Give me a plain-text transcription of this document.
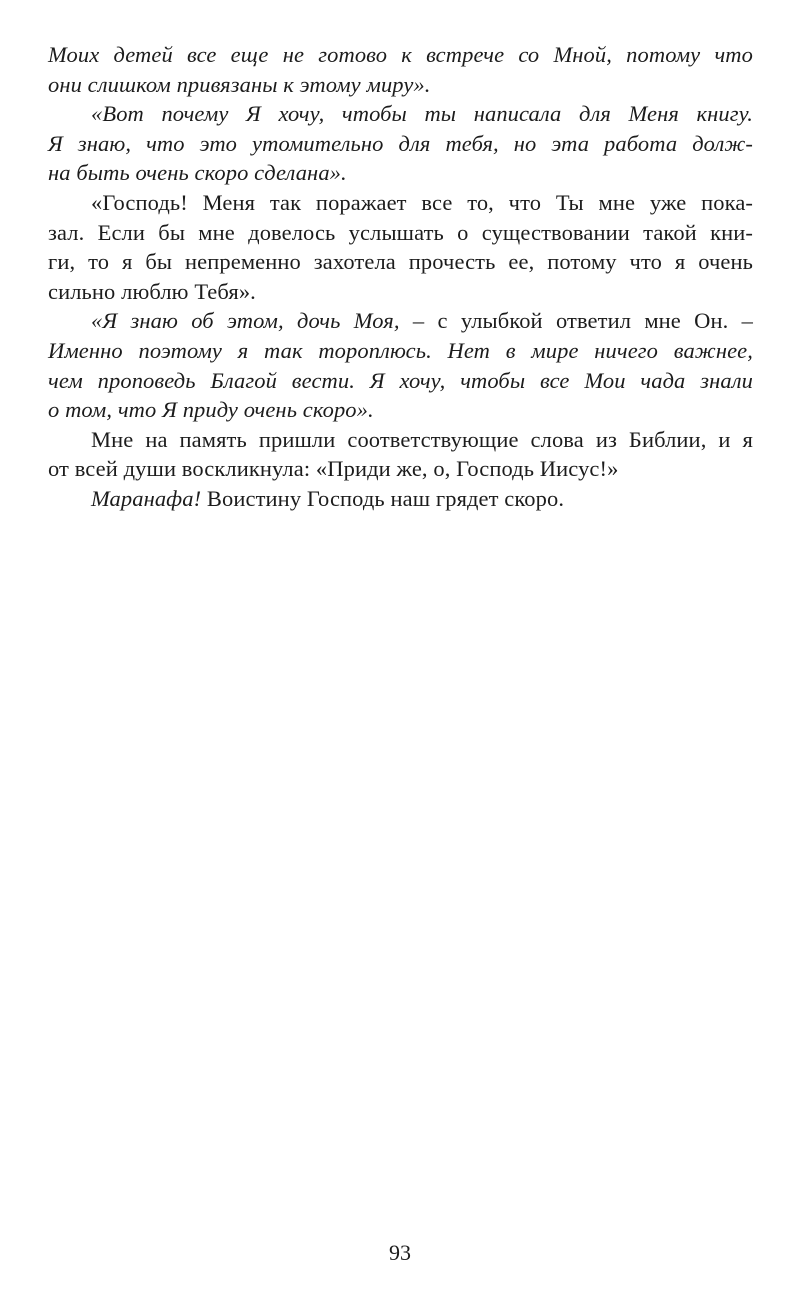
Моих детей все еще не готово к встрече со Мной, потому что
они слишком привязаны к этому миру».
«Вот почему Я хочу, чтобы ты написала для Меня книгу.
Я знаю, что это утомительно для тебя, но эта работа долж-
на быть очень скоро сделана».
«Господь! Меня так поражает все то, что Ты мне уже пока-
зал. Если бы мне довелось услышать о существовании такой кни-
ги, то я бы непременно захотела прочесть ее, потому что я очень
сильно люблю Тебя».
«Я знаю об этом, дочь Моя, – с улыбкой ответил мне Он. –
Именно поэтому я так тороплюсь. Нет в мире ничего важнее,
чем проповедь Благой вести. Я хочу, чтобы все Мои чада знали
о том, что Я приду очень скоро».
Мне на память пришли соответствующие слова из Библии, и я
от всей души воскликнула: «Приди же, о, Господь Иисус!»
Маранафа! Воистину Господь наш грядет скоро.
93
